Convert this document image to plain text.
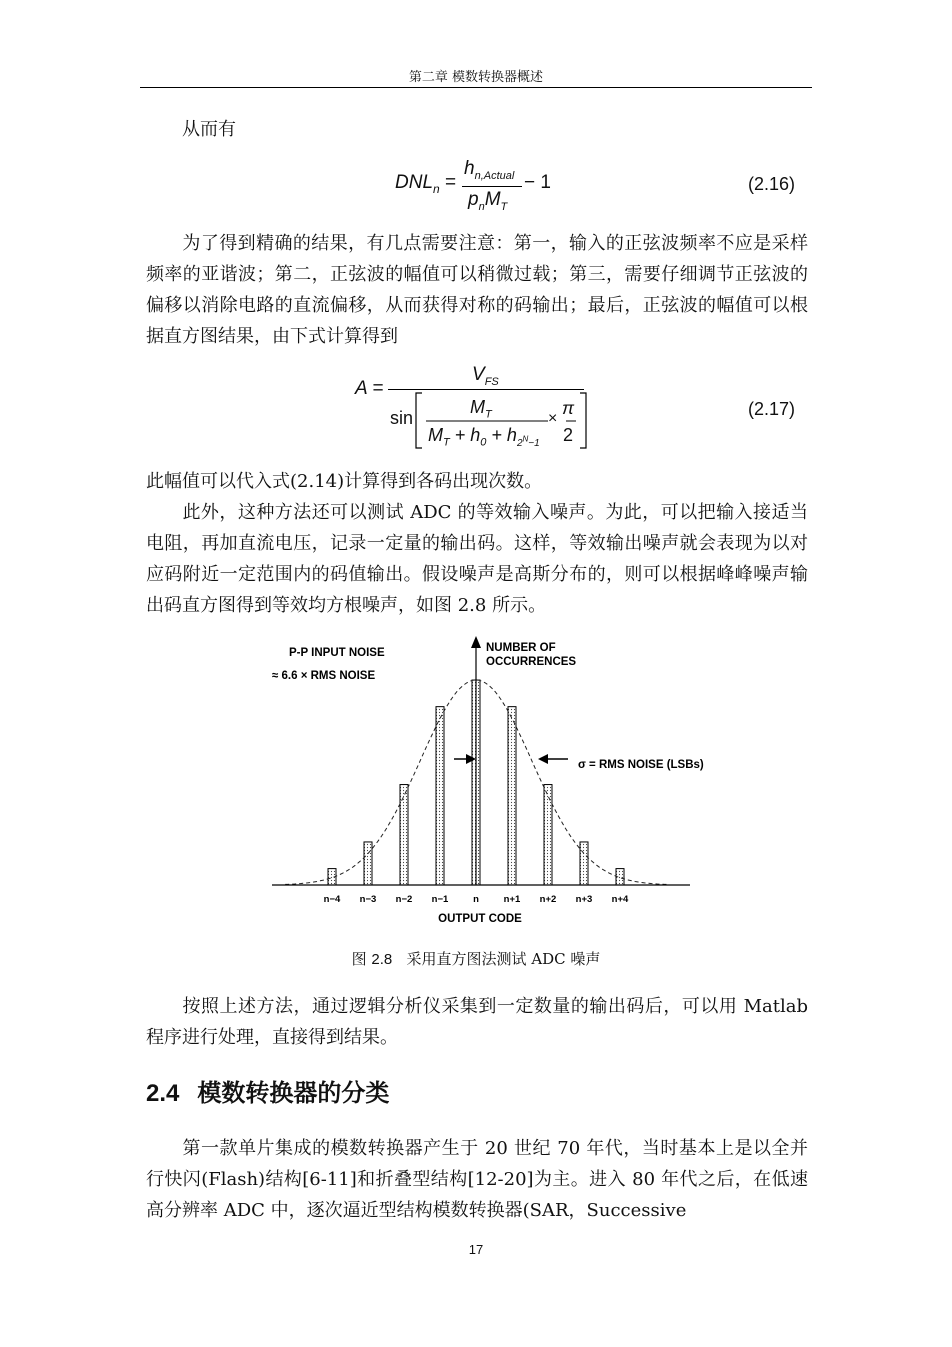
第二章 模数转换器概述

从而有

$DNL_n$ =
$h_{n,Actual}$
$p_nM_T$
− 1	(2.16)

为了得到精确的结果，有几点需要注意：第一，输入的正弦波频率不应是采样频率的亚谐波；第二，正弦波的幅值可以稍微过载；第三，需要仔细调节正弦波的偏移以消除电路的直流偏移，从而获得对称的码输出；最后，正弦波的幅值可以根据直方图结果，由下式计算得到

A =
$V_{FS}$
sin
$M_T$
$M_T + h_0 + h_{2^N-1}$
×
π
2
(2.17)

此幅值可以代入式(2.14)计算得到各码出现次数。

此外，这种方法还可以测试 ADC 的等效输入噪声。为此，可以把输入接适当电阻，再加直流电压，记录一定量的输出码。这样，等效输出噪声就会表现为以对应码附近一定范围内的码值输出。假设噪声是高斯分布的，则可以根据峰峰噪声输出码直方图得到等效均方根噪声，如图 2.8 所示。

P-P INPUT NOISE
≈ 6.6 × RMS NOISE
NUMBER OF
OCCURRENCES
σ = RMS NOISE (LSBs)
n−4 n−3 n−2 n−1	n	n+1 n+2 n+3 n+4
OUTPUT CODE
图 2.8 采用直方图法测试 ADC 噪声

按照上述方法，通过逻辑分析仪采集到一定数量的输出码后，可以用 Matlab 程序进行处理，直接得到结果。

2.4 模数转换器的分类

第一款单片集成的模数转换器产生于 20 世纪 70 年代，当时基本上是以全并行快闪(Flash)结构[6-11]和折叠型结构[12-20]为主。进入 80 年代之后，在低速高分辨率 ADC 中，逐次逼近型结构模数转换器(SAR，Successive

17
